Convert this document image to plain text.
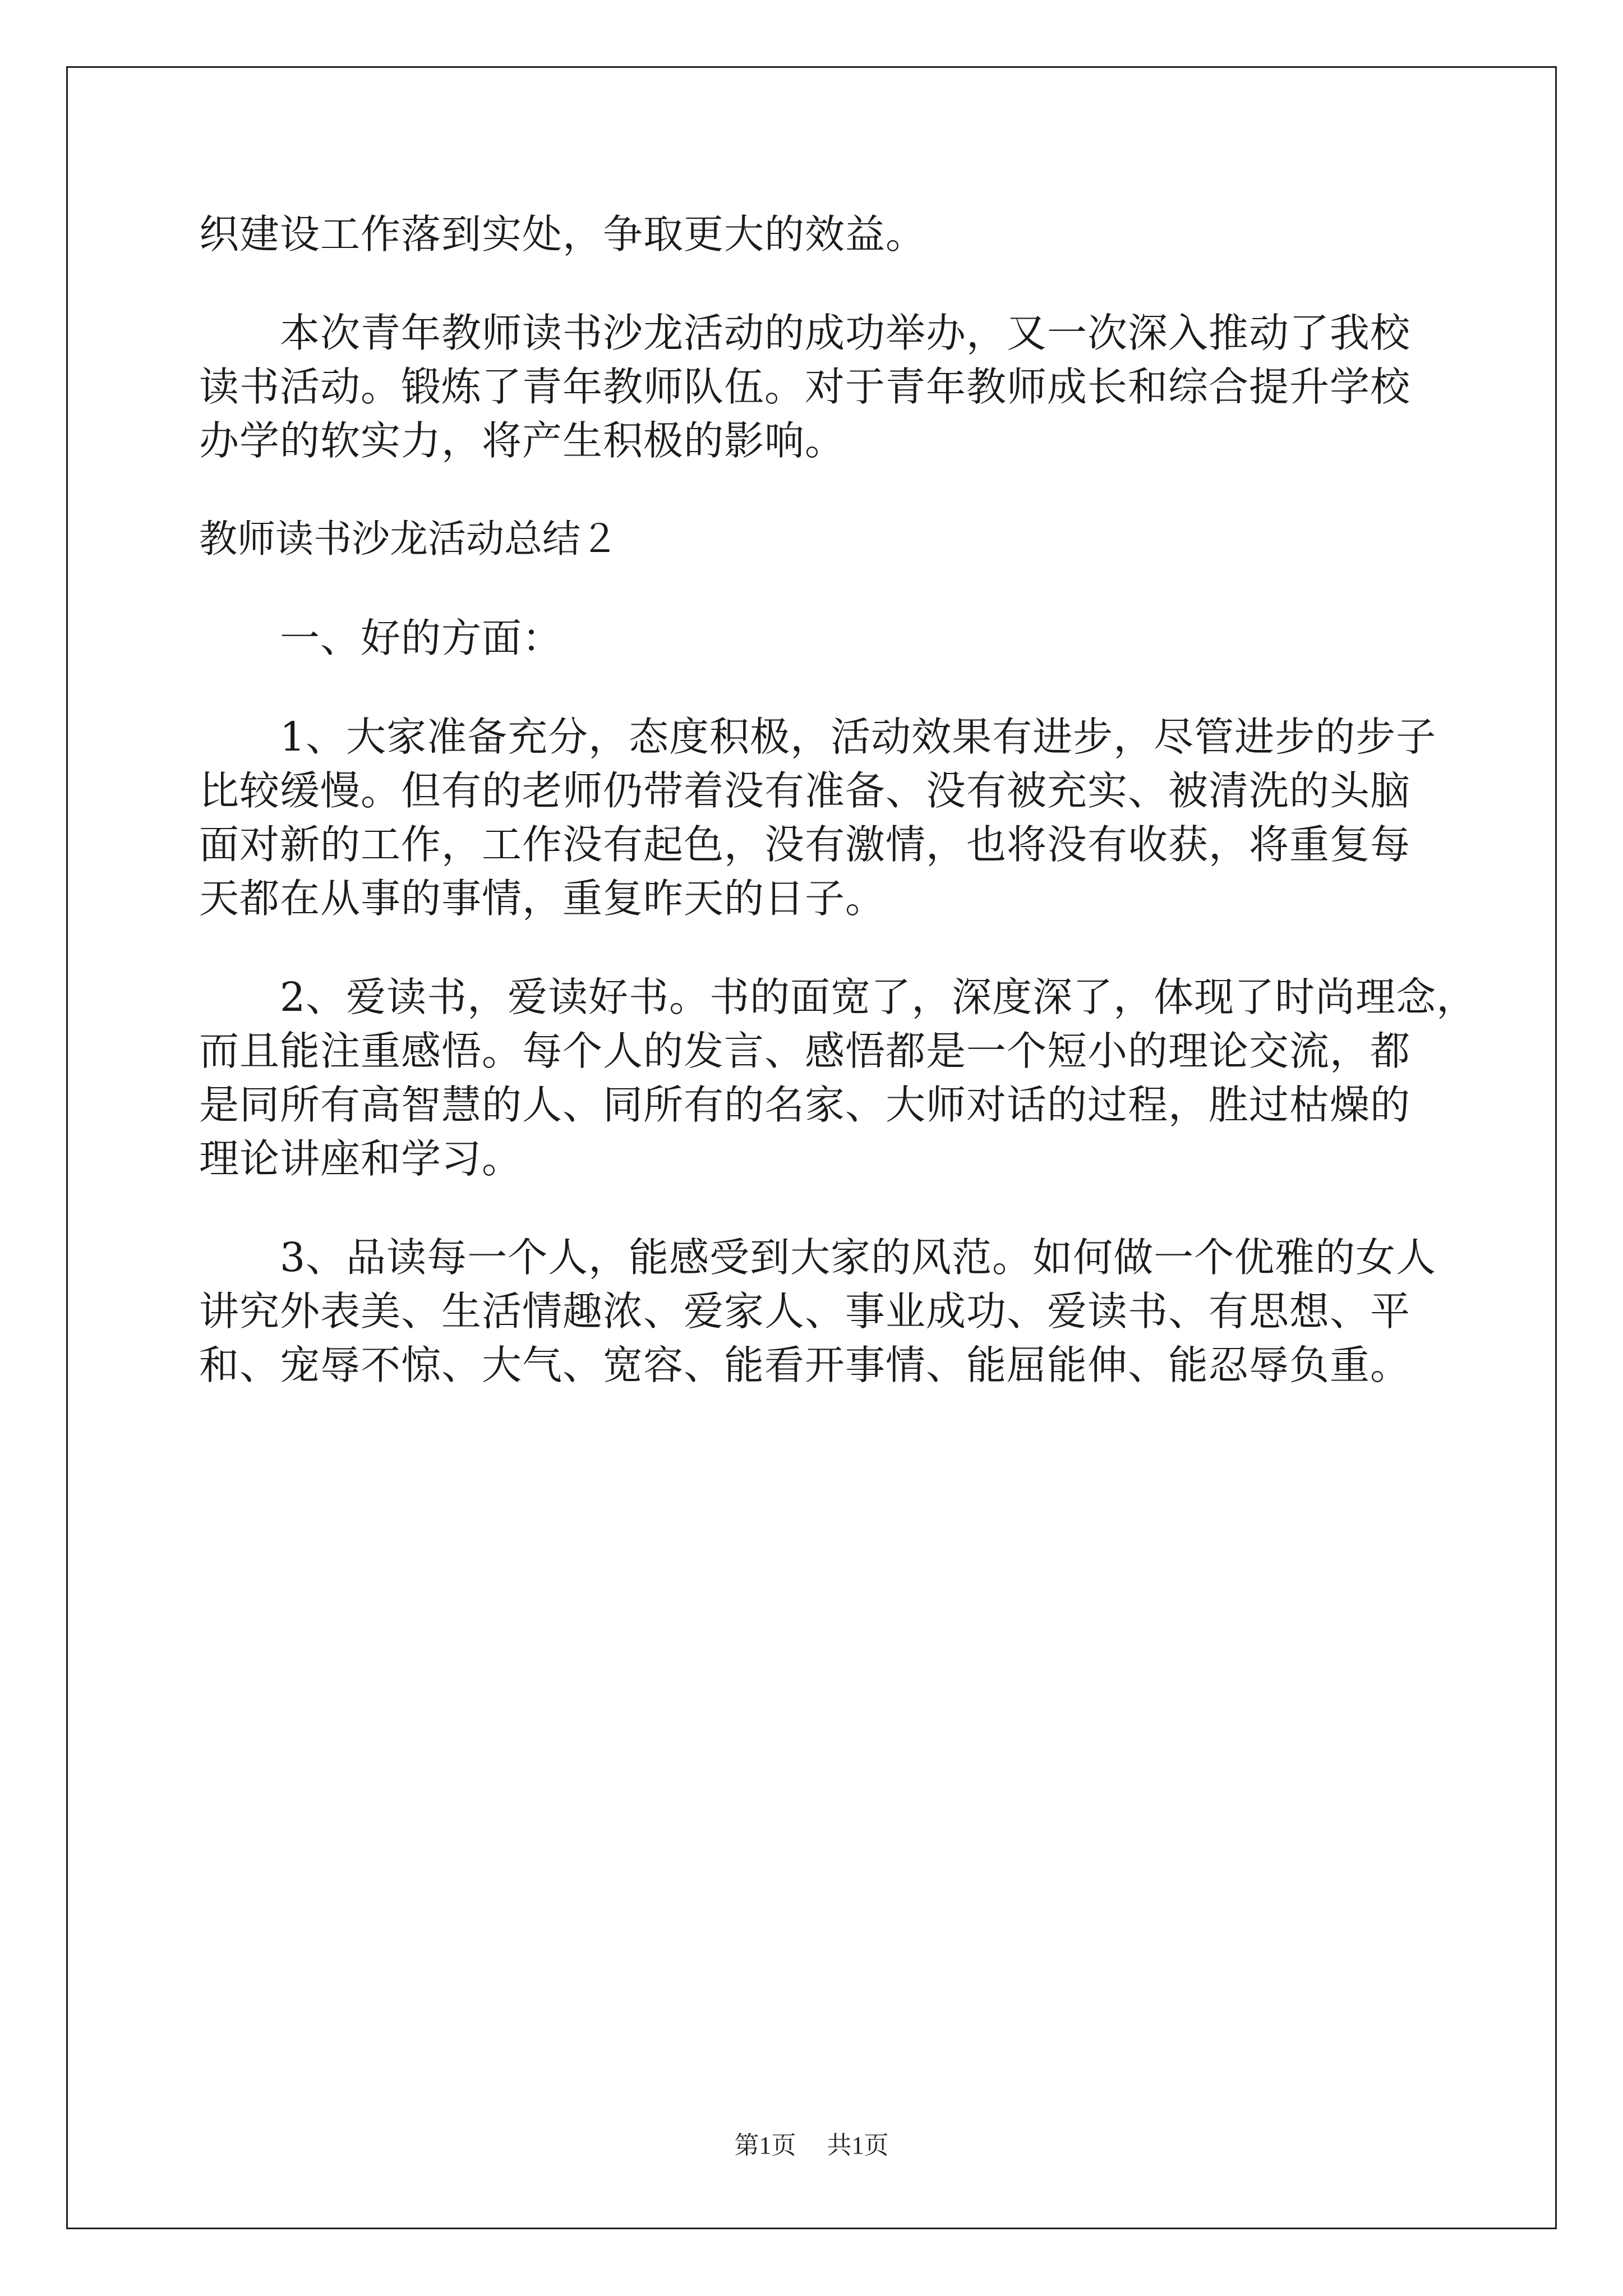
织建设工作落到实处，争取更大的效益。
本次青年教师读书沙龙活动的成功举办，又一次深入推动了我校
读书活动。锻炼了青年教师队伍。对于青年教师成长和综合提升学校
办学的软实力，将产生积极的影响。
教师读书沙龙活动总结２
一、好的方面：
1、大家准备充分，态度积极，活动效果有进步，尽管进步的步子
比较缓慢。但有的老师仍带着没有准备、没有被充实、被清洗的头脑
面对新的工作，工作没有起色，没有激情，也将没有收获，将重复每
天都在从事的事情，重复昨天的日子。
2、爱读书，爱读好书。书的面宽了，深度深了，体现了时尚理念，
而且能注重感悟。每个人的发言、感悟都是一个短小的理论交流，都
是同所有高智慧的人、同所有的名家、大师对话的过程，胜过枯燥的
理论讲座和学习。
3、品读每一个人，能感受到大家的风范。如何做一个优雅的女人
讲究外表美、生活情趣浓、爱家人、事业成功、爱读书、有思想、平
和、宠辱不惊、大气、宽容、能看开事情、能屈能伸、能忍辱负重。
第1页 共1页
